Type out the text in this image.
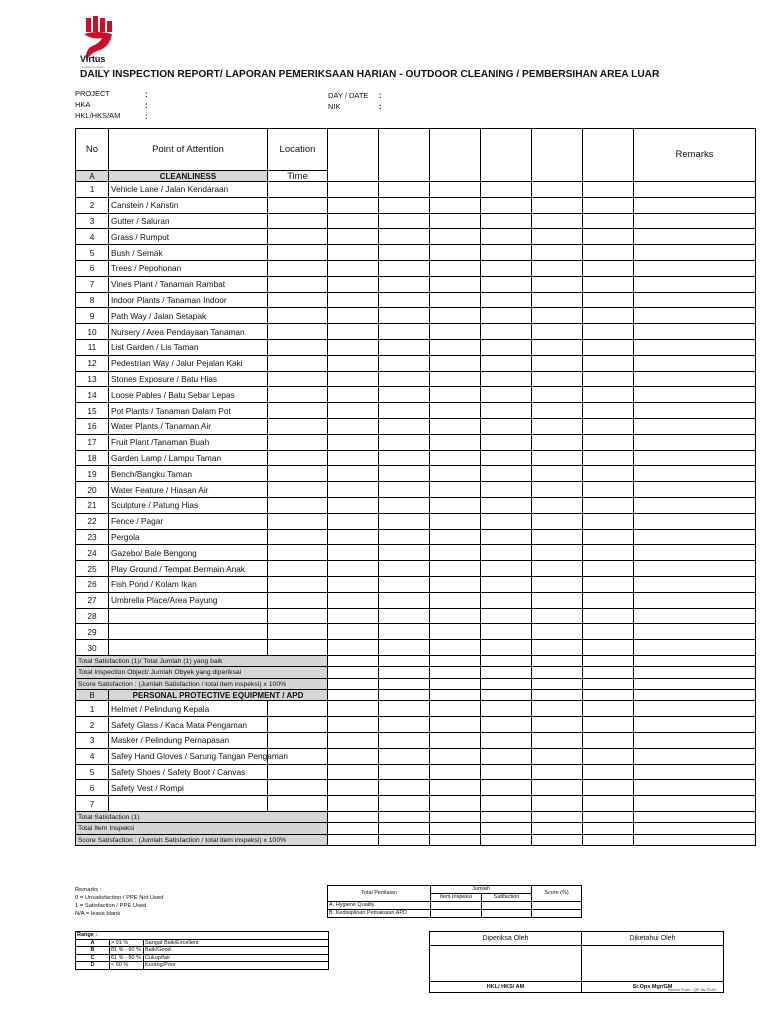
Virtus
Facility Services
DAILY INSPECTION REPORT/ LAPORAN PEMERIKSAAN HARIAN - OUTDOOR CLEANING / PEMBERSIHAN AREA LUAR
PROJECT	:
HKA	:
HKL/HKS/AM	:
DAY / DATE :
NIK	:
No	Point of Attention	Location							Remarks
A	CLEANLINESS	Time							
1	Vehicle Lane / Jalan Kendaraan								
2	Canstein / Kanstin								
3	Gutter / Saluran								
4	Grass / Rumput								
5	Bush / Semak								
6	Trees / Pepohonan								
7	Vines Plant / Tanaman Rambat								
8	Indoor Plants / Tanaman Indoor								
9	Path Way / Jalan Setapak								
10	Nursery / Area Pendayaan Tanaman								
11	List Garden / Lis Taman								
12	Pedestrian Way / Jalur Pejalan Kaki								
13	Stones Exposure / Batu Hias								
14	Loose Pables / Batu Sebar Lepas								
15	Pot Plants / Tanaman Dalam Pot								
16	Water Plants / Tanaman Air								
17	Fruit Plant /Tanaman Buah								
18	Garden Lamp / Lampu Taman								
19	Bench/Bangku Taman								
20	Water Feature / Hiasan Air								
21	Sculpture / Patung Hias								
22	Fence / Pagar								
23	Pergola								
24	Gazebo/ Bale Bengong								
25	Play Ground / Tempat Bermain Anak								
26	Fish Pond / Kolam Ikan								
27	Umbrella Place/Area Payung								
28									
29									
30									
Total Satisfaction (1)/ Total Jumlah (1) yang baik									
Total Inspection Object/ Jumlah Obyek yang diperiksai									
Score Satisfaction : (Jumlah Satisfaction / total item inspeksi) x 100%									
B	PERSONAL PROTECTIVE EQUIPMENT / APD								
1	Helmet / Pelindung Kepala								
2	Safety Glass / Kaca Mata Pengaman								
3	Masker / Pelindung Pernapasan								
4	Safey Hand Gloves / Sarung Tangan Pengaman								
5	Safety Shoes / Safety Boot / Canvas								
6	Safety Vest / Rompi								
7									
Total Satisfaction (1)									
Total Item Inspeksi									
Score Satisfaction : (Jumlah Satisfaction / total item inspeksi) x 100%									
Remarks :
0 = Unsatisfaction / PPE Not Used
1 = Satisfaction / PPE Used
N/A = leave blank
Total Penilaian	Jumlah		Score (%)
	Item Inspeksi	Satifaction	
A. Hygiene Quality			
B. Kedisiplinan Pemakaian APD			
Range :		
A	> 91 %	Sangat Baik/Excellent
B	81 % - 90 %	Baik/Good
C	61 % - 80 %	Cukup/fair
D	< 60 %	Kurang/Poor
Diperiksa Oleh	Diketahui Oleh

HKL/ HKS/ AM	Sr.Ops Mgr/GM
Nomor Form : QF 9a-70-00
